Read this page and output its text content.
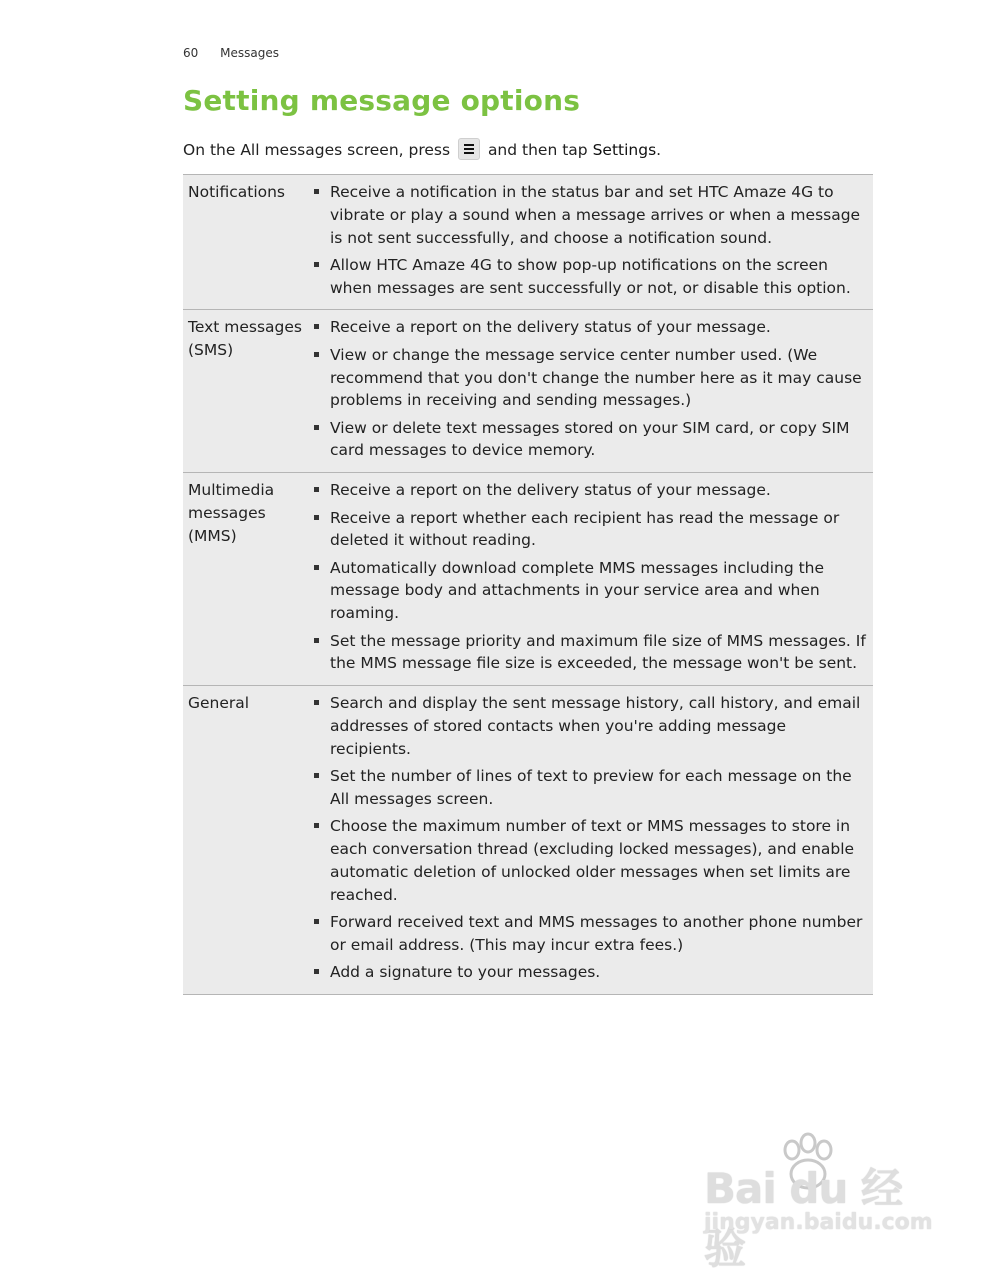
60 Messages
Setting message options
On the All messages screen, press and then tap Settings.
Notifications	Receive a notification in the status bar and set HTC Amaze 4G to vibrate or play a sound when a message arrives or when a message is not sent successfully, and choose a notification sound.
Allow HTC Amaze 4G to show pop-up notifications on the screen when messages are sent successfully or not, or disable this option.
Text messages (SMS)
Receive a report on the delivery status of your message.
View or change the message service center number used. (We recommend that you don't change the number here as it may cause problems in receiving and sending messages.)
View or delete text messages stored on your SIM card, or copy SIM card messages to device memory.
Multimedia messages (MMS)
Receive a report on the delivery status of your message.
Receive a report whether each recipient has read the message or deleted it without reading.
Automatically download complete MMS messages including the message body and attachments in your service area and when roaming.
Set the message priority and maximum file size of MMS messages. If the MMS message file size is exceeded, the message won't be sent.
General	Search and display the sent message history, call history, and email addresses of stored contacts when you're adding message recipients.
Set the number of lines of text to preview for each message on the All messages screen.
Choose the maximum number of text or MMS messages to store in each conversation thread (excluding locked messages), and enable automatic deletion of unlocked older messages when set limits are reached.
Forward received text and MMS messages to another phone number or email address. (This may incur extra fees.)
Add a signature to your messages.
Bai du 经验
jingyan.baidu.com
